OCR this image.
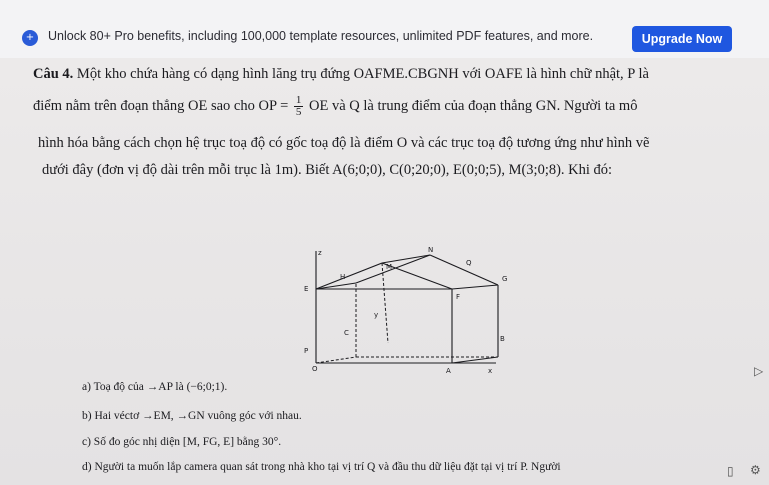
+	Unlock 80+ Pro benefits, including 100,000 template resources, unlimited PDF features, and more.	Upgrade Now
Câu 4. Một kho chứa hàng có dạng hình lăng trụ đứng OAFME.CBGNH với OAFE là hình chữ nhật, P là
điểm nằm trên đoạn thẳng OE sao cho OP = $\frac{1}{5}$ OE và Q là trung điểm của đoạn thẳng GN. Người ta mô
hình hóa bằng cách chọn hệ trục toạ độ có gốc toạ độ là điểm O và các trục toạ độ tương ứng như hình vẽ
dưới đây (đơn vị độ dài trên mỗi trục là 1m). Biết A(6;0;0), C(0;20;0), E(0;0;5), M(3;0;8). Khi đó:
z	N
Q
H	G
M
E
F
y
C
B
P
O	A	x
a) Toạ độ của →AP là (−6;0;1).
b) Hai véctơ →EM, →GN vuông góc với nhau.
c) Số đo góc nhị diện [M, FG, E] bằng 30°.
d) Người ta muốn lắp camera quan sát trong nhà kho tại vị trí Q và đầu thu dữ liệu đặt tại vị trí P. Người
▷
▯ ⚙
